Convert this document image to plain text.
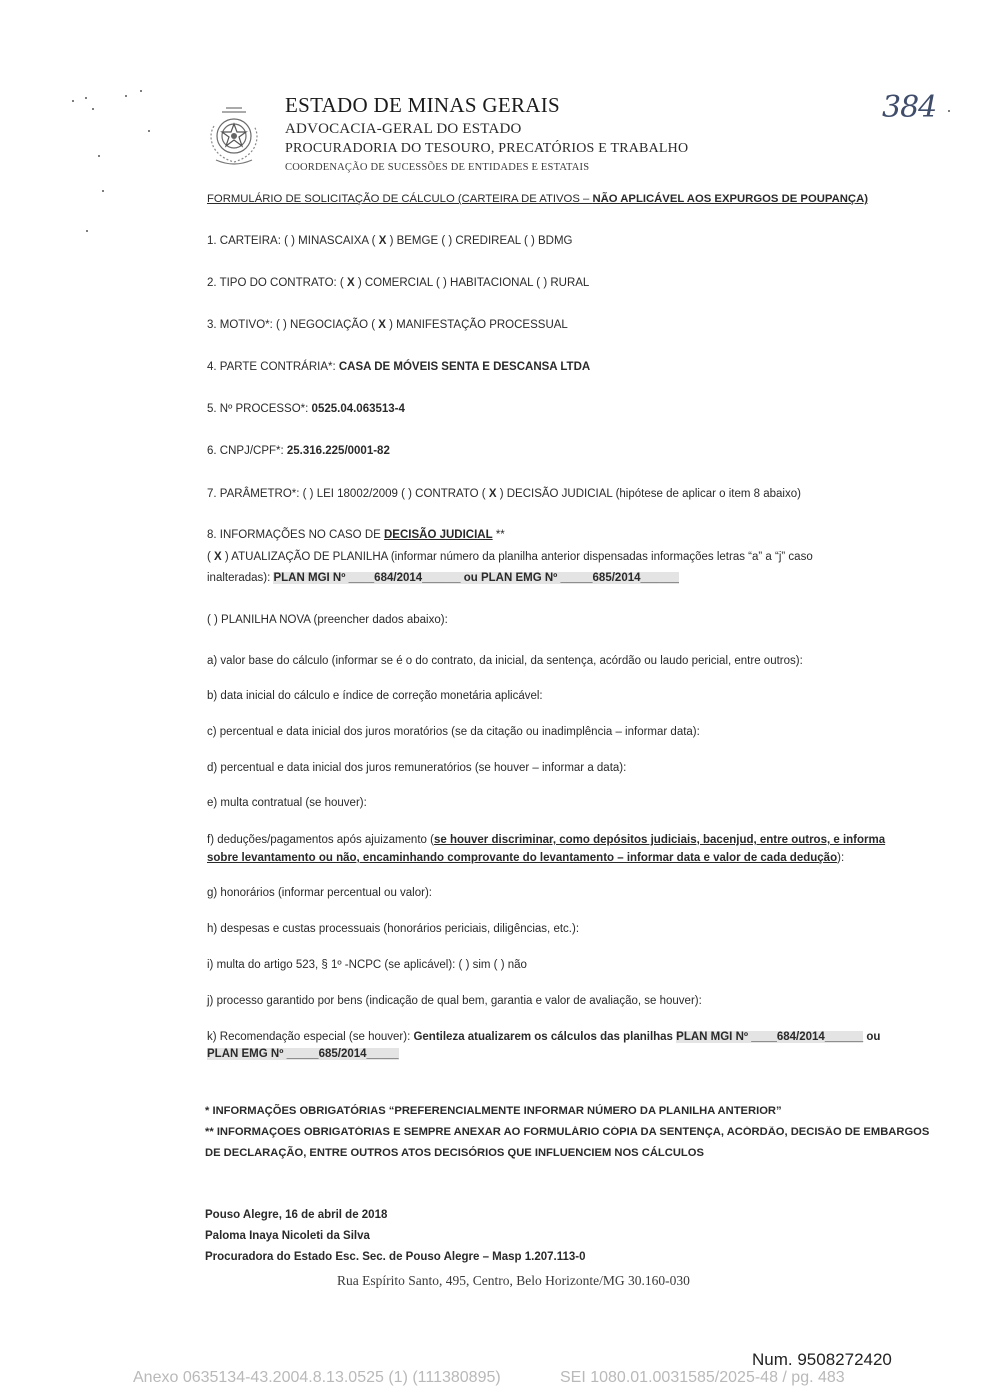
384
ESTADO DE MINAS GERAIS
ADVOCACIA-GERAL DO ESTADO
PROCURADORIA DO TESOURO, PRECATÓRIOS E TRABALHO
COORDENAÇÃO DE SUCESSÕES DE ENTIDADES E ESTATAIS
FORMULÁRIO DE SOLICITAÇÃO DE CÁLCULO (CARTEIRA DE ATIVOS – NÃO APLICÁVEL AOS EXPURGOS DE POUPANÇA)
1. CARTEIRA: ( ) MINASCAIXA ( X ) BEMGE ( ) CREDIREAL ( ) BDMG
2. TIPO DO CONTRATO: ( X ) COMERCIAL ( ) HABITACIONAL ( ) RURAL
3. MOTIVO*: ( ) NEGOCIAÇÃO ( X ) MANIFESTAÇÃO PROCESSUAL
4. PARTE CONTRÁRIA*: CASA DE MÓVEIS SENTA E DESCANSA LTDA
5. Nº PROCESSO*: 0525.04.063513-4
6. CNPJ/CPF*: 25.316.225/0001-82
7. PARÂMETRO*: ( ) LEI 18002/2009 ( ) CONTRATO ( X ) DECISÃO JUDICIAL (hipótese de aplicar o item 8 abaixo)
8. INFORMAÇÕES NO CASO DE DECISÃO JUDICIAL **
( X ) ATUALIZAÇÃO DE PLANILHA (informar número da planilha anterior dispensadas informações letras “a” a “j” caso
inalteradas): PLAN MGI Nº ____684/2014______ ou PLAN EMG Nº _____685/2014______
( ) PLANILHA NOVA (preencher dados abaixo):
a) valor base do cálculo (informar se é o do contrato, da inicial, da sentença, acórdão ou laudo pericial, entre outros):
b) data inicial do cálculo e índice de correção monetária aplicável:
c) percentual e data inicial dos juros moratórios (se da citação ou inadimplência – informar data):
d) percentual e data inicial dos juros remuneratórios (se houver – informar a data):
e) multa contratual (se houver):
f) deduções/pagamentos após ajuizamento (se houver discriminar, como depósitos judiciais, bacenjud, entre outros, e informa
sobre levantamento ou não, encaminhando comprovante do levantamento – informar data e valor de cada dedução):
g) honorários (informar percentual ou valor):
h) despesas e custas processuais (honorários periciais, diligências, etc.):
i) multa do artigo 523, § 1º -NCPC (se aplicável): ( ) sim ( ) não
j) processo garantido por bens (indicação de qual bem, garantia e valor de avaliação, se houver):
k) Recomendação especial (se houver): Gentileza atualizarem os cálculos das planilhas PLAN MGI Nº ____684/2014______ ou
PLAN EMG Nº _____685/2014_____
* INFORMAÇÕES OBRIGATÓRIAS “PREFERENCIALMENTE INFORMAR NÚMERO DA PLANILHA ANTERIOR”
** INFORMAÇOES OBRIGATÓRIAS E SEMPRE ANEXAR AO FORMULÁRIO CÓPIA DA SENTENÇA, ACÓRDÃO, DECISÃO DE EMBARGOS
DE DECLARAÇÃO, ENTRE OUTROS ATOS DECISÓRIOS QUE INFLUENCIEM NOS CÁLCULOS
Pouso Alegre, 16 de abril de 2018
Paloma Inaya Nicoleti da Silva
Procuradora do Estado Esc. Sec. de Pouso Alegre – Masp 1.207.113-0
Rua Espírito Santo, 495, Centro, Belo Horizonte/MG 30.160-030
Num. 9508272420
Anexo 0635134-43.2004.8.13.0525 (1) (111380895)	SEI 1080.01.0031585/2025-48 / pg. 483
